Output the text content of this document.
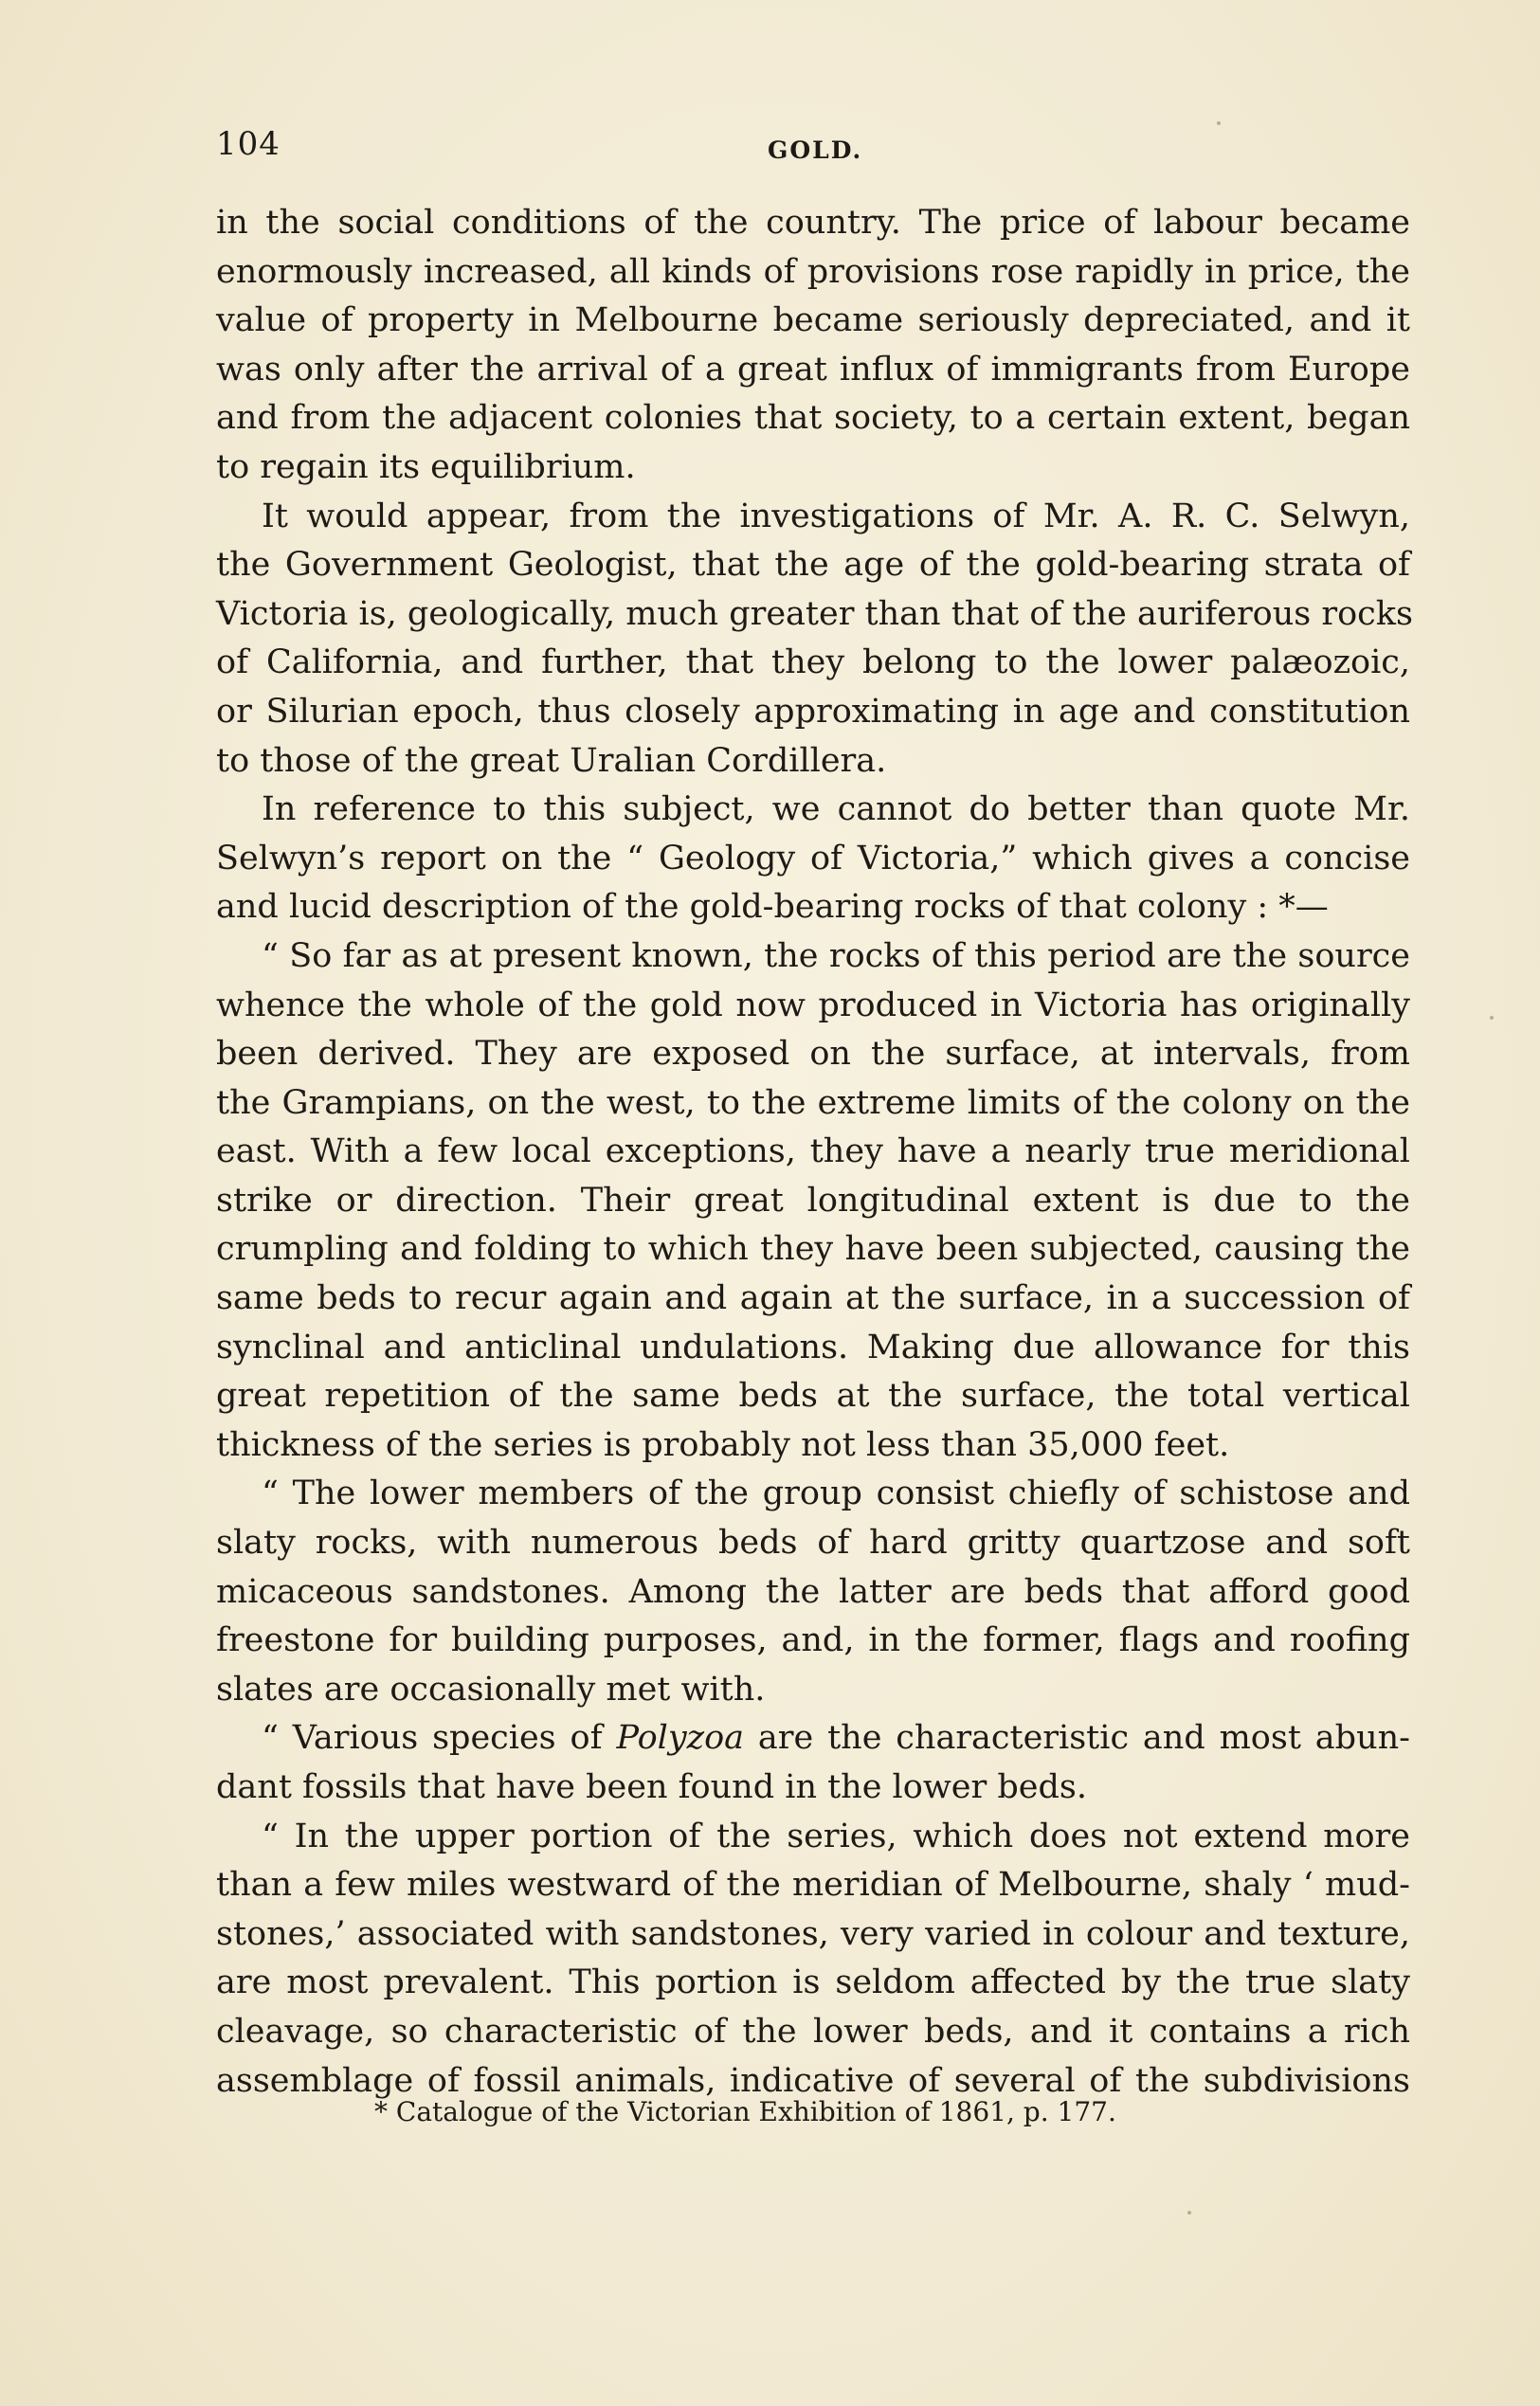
104	GOLD.
in the social conditions of the country. The price of labour became
enormously increased, all kinds of provisions rose rapidly in price, the
value of property in Melbourne became seriously depreciated, and it
was only after the arrival of a great influx of immigrants from Europe
and from the adjacent colonies that society, to a certain extent, began
to regain its equilibrium.
It would appear, from the investigations of Mr. A. R. C. Selwyn,
the Government Geologist, that the age of the gold-bearing strata of
Victoria is, geologically, much greater than that of the auriferous rocks
of California, and further, that they belong to the lower palæozoic,
or Silurian epoch, thus closely approximating in age and constitution
to those of the great Uralian Cordillera.
In reference to this subject, we cannot do better than quote Mr.
Selwyn’s report on the “ Geology of Victoria,” which gives a concise
and lucid description of the gold-bearing rocks of that colony : *—
“ So far as at present known, the rocks of this period are the source
whence the whole of the gold now produced in Victoria has originally
been derived. They are exposed on the surface, at intervals, from
the Grampians, on the west, to the extreme limits of the colony on the
east. With a few local exceptions, they have a nearly true meridional
strike or direction. Their great longitudinal extent is due to the
crumpling and folding to which they have been subjected, causing the
same beds to recur again and again at the surface, in a succession of
synclinal and anticlinal undulations. Making due allowance for this
great repetition of the same beds at the surface, the total vertical
thickness of the series is probably not less than 35,000 feet.
“ The lower members of the group consist chiefly of schistose and
slaty rocks, with numerous beds of hard gritty quartzose and soft
micaceous sandstones. Among the latter are beds that afford good
freestone for building purposes, and, in the former, flags and roofing
slates are occasionally met with.
“ Various species of Polyzoa are the characteristic and most abun-
dant fossils that have been found in the lower beds.
“ In the upper portion of the series, which does not extend more
than a few miles westward of the meridian of Melbourne, shaly ‘ mud-
stones,’ associated with sandstones, very varied in colour and texture,
are most prevalent. This portion is seldom affected by the true slaty
cleavage, so characteristic of the lower beds, and it contains a rich
assemblage of fossil animals, indicative of several of the subdivisions
* Catalogue of the Victorian Exhibition of 1861, p. 177.
